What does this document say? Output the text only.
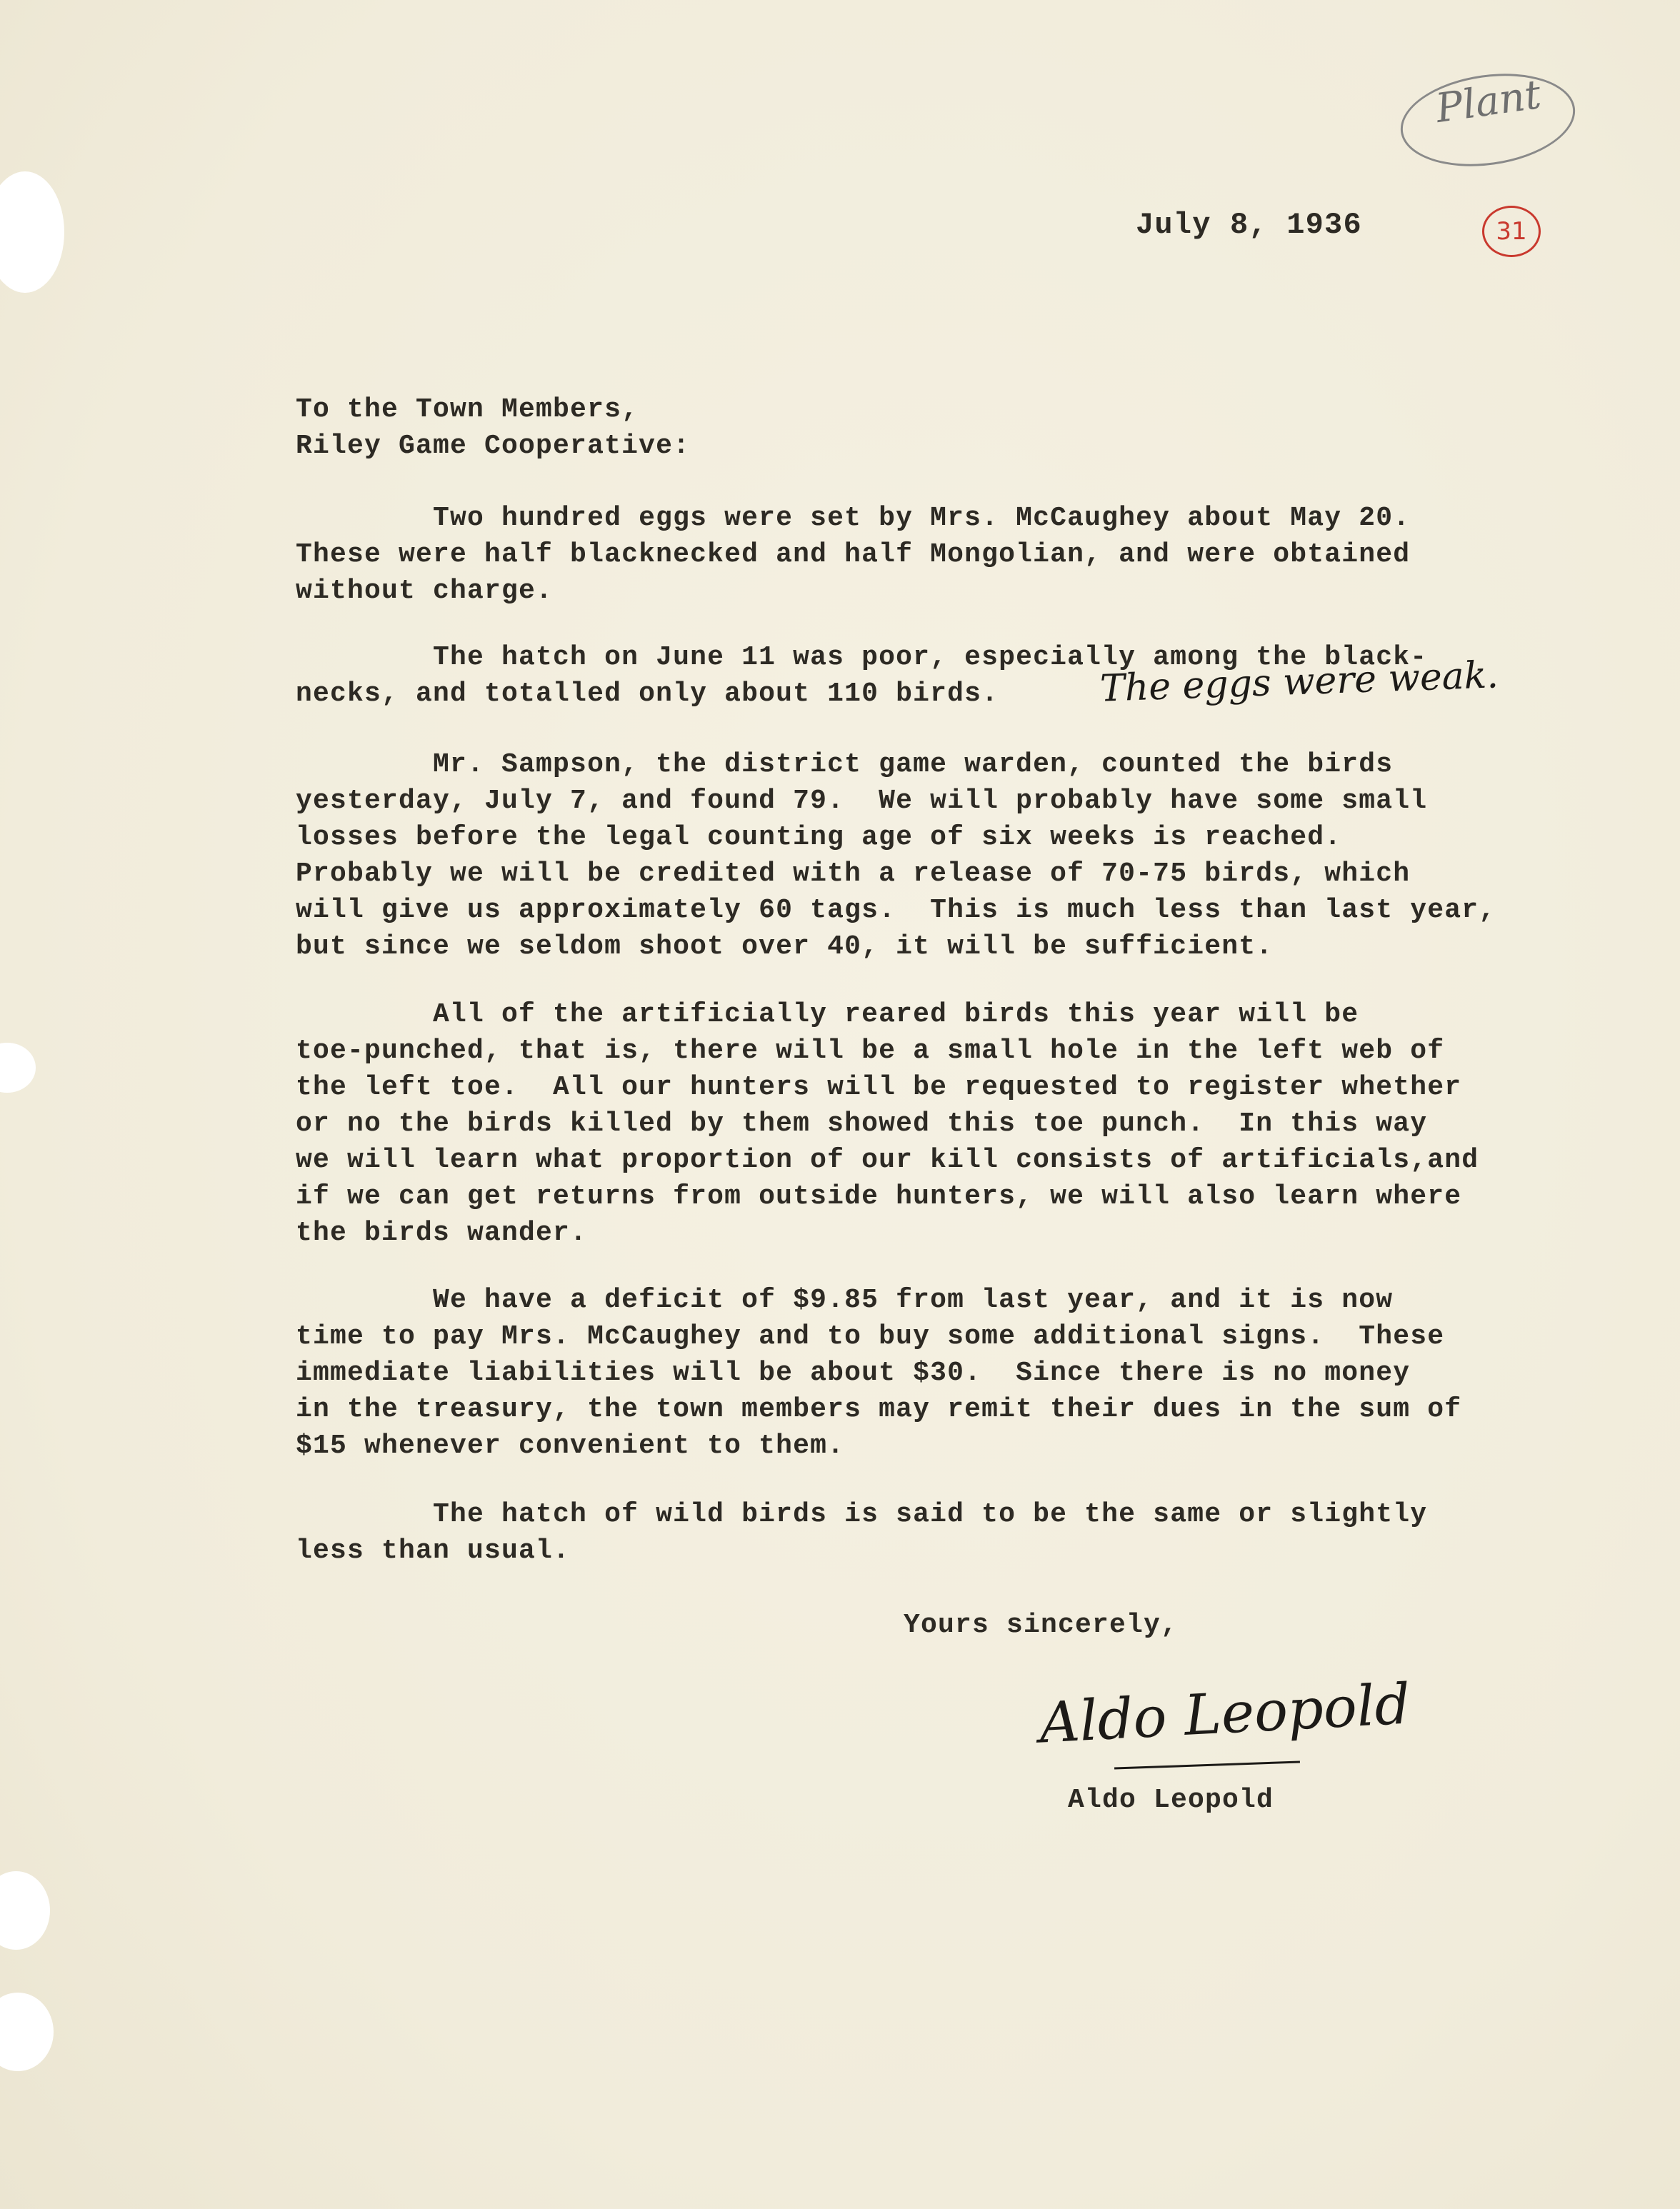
Plant
July 8, 1936	31
To the Town Members,
Riley Game Cooperative:
Two hundred eggs were set by Mrs. McCaughey about May 20.
These were half blacknecked and half Mongolian, and were obtained
without charge.
The hatch on June 11 was poor, especially among the black-
necks, and totalled only about 110 birds.	The eggs were weak.
Mr. Sampson, the district game warden, counted the birds
yesterday, July 7, and found 79.  We will probably have some small
losses before the legal counting age of six weeks is reached.
Probably we will be credited with a release of 70-75 birds, which
will give us approximately 60 tags.  This is much less than last year,
but since we seldom shoot over 40, it will be sufficient.
All of the artificially reared birds this year will be
toe-punched, that is, there will be a small hole in the left web of
the left toe.  All our hunters will be requested to register whether
or no the birds killed by them showed this toe punch.  In this way
we will learn what proportion of our kill consists of artificials,and
if we can get returns from outside hunters, we will also learn where
the birds wander.
We have a deficit of $9.85 from last year, and it is now
time to pay Mrs. McCaughey and to buy some additional signs.  These
immediate liabilities will be about $30.  Since there is no money
in the treasury, the town members may remit their dues in the sum of
$15 whenever convenient to them.
The hatch of wild birds is said to be the same or slightly
less than usual.
Yours sincerely,
Aldo Leopold
Aldo Leopold
